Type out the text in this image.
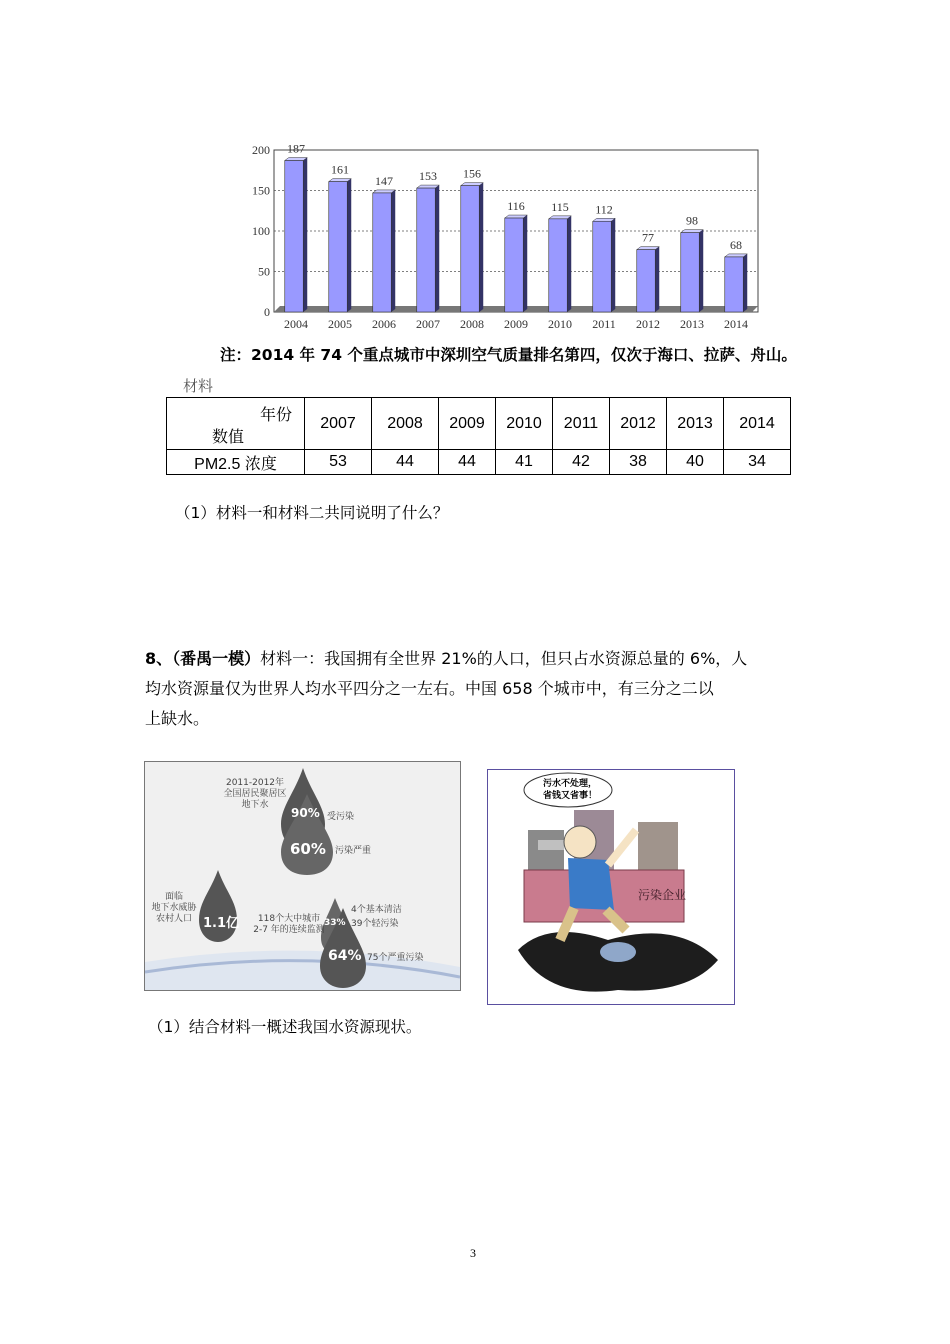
0
50
100
150
200 187
2004
161
2005
147
2006
153
2007
156
2008
116
2009
115
2010
112
2011
77
2012
98
2013
68
2014
注：2014 年 74 个重点城市中深圳空气质量排名第四，仅次于海口、拉萨、舟山。
材料
年份
数值	2007	2008	2009	2010	2011	2012	2013	2014
PM2.5 浓度	53	44	44	41	42	38	40	34
（1）材料一和材料二共同说明了什么？
8、（番禺一模）材料一：我国拥有全世界 21%的人口，但只占水资源总量的 6%，人
均水资源量仅为世界人均水平四分之一左右。中国 658 个城市中，有三分之二以
上缺水。
2011-2012年
全国居民聚居区
地下水
90% 受污染
60% 污染严重
面临
地下水威胁
农村人口 1.1亿	118个大中城市
2-7 年的连续监测
33%
4个基本清洁
39个轻污染
64% 75个严重污染
污水不处理，
省钱又省事！
污染企业
（1）结合材料一概述我国水资源现状。
3
